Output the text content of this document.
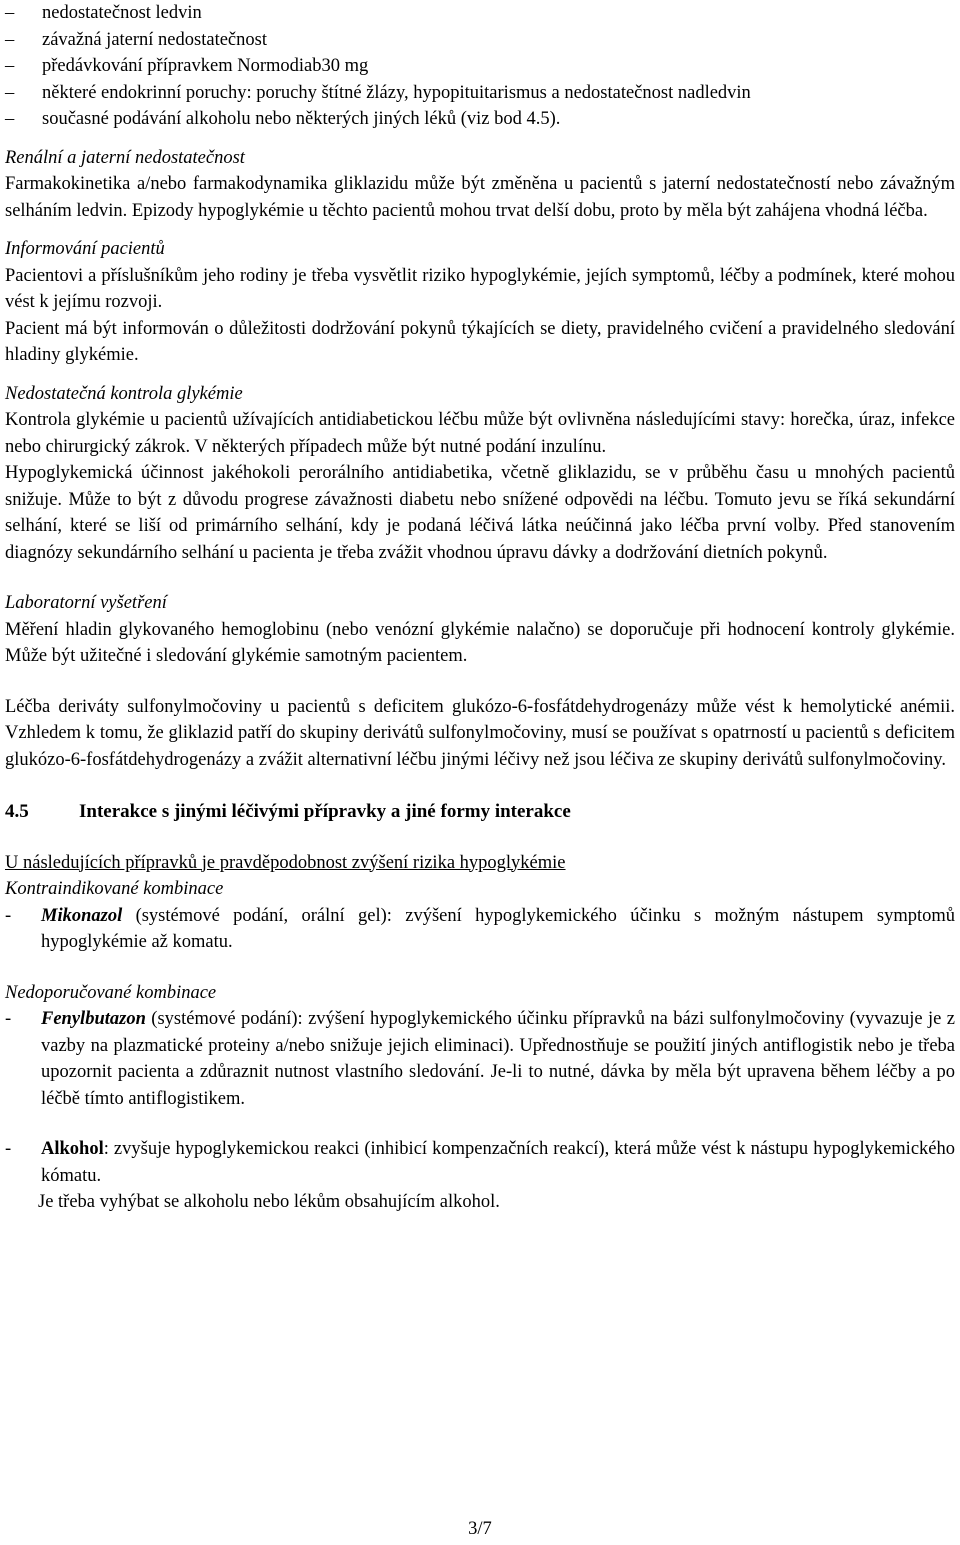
– nedostatečnost ledvin
– závažná jaterní nedostatečnost
– předávkování přípravkem Normodiab30 mg
– některé endokrinní poruchy: poruchy štítné žlázy, hypopituitarismus a nedostatečnost nadledvin
– současné podávání alkoholu nebo některých jiných léků (viz bod 4.5).

Renální a jaterní nedostatečnost

Farmakokinetika a/nebo farmakodynamika gliklazidu může být změněna u pacientů s jaterní nedostatečností nebo závažným selháním ledvin. Epizody hypoglykémie u těchto pacientů mohou trvat delší dobu, proto by měla být zahájena vhodná léčba.

Informování pacientů

Pacientovi a příslušníkům jeho rodiny je třeba vysvětlit riziko hypoglykémie, jejích symptomů, léčby a podmínek, které mohou vést k jejímu rozvoji.

Pacient má být informován o důležitosti dodržování pokynů týkajících se diety, pravidelného cvičení a pravidelného sledování hladiny glykémie.

Nedostatečná kontrola glykémie

Kontrola glykémie u pacientů užívajících antidiabetickou léčbu může být ovlivněna následujícími stavy: horečka, úraz, infekce nebo chirurgický zákrok. V některých případech může být nutné podání inzulínu.

Hypoglykemická účinnost jakéhokoli perorálního antidiabetika, včetně gliklazidu, se v průběhu času u mnohých pacientů snižuje. Může to být z důvodu progrese závažnosti diabetu nebo snížené odpovědi na léčbu. Tomuto jevu se říká sekundární selhání, které se liší od primárního selhání, kdy je podaná léčivá látka neúčinná jako léčba první volby. Před stanovením diagnózy sekundárního selhání u pacienta je třeba zvážit vhodnou úpravu dávky a dodržování dietních pokynů.

Laboratorní vyšetření

Měření hladin glykovaného hemoglobinu (nebo venózní glykémie nalačno) se doporučuje při hodnocení kontroly glykémie. Může být užitečné i sledování glykémie samotným pacientem.

Léčba deriváty sulfonylmočoviny u pacientů s deficitem glukózo-6-fosfátdehydrogenázy může vést k hemolytické anémii. Vzhledem k tomu, že gliklazid patří do skupiny derivátů sulfonylmočoviny, musí se používat s opatrností u pacientů s deficitem glukózo-6-fosfátdehydrogenázy a zvážit alternativní léčbu jinými léčivy než jsou léčiva ze skupiny derivátů sulfonylmočoviny.

4.5	Interakce s jinými léčivými přípravky a jiné formy interakce

U následujících přípravků je pravděpodobnost zvýšení rizika hypoglykémie

Kontraindikované kombinace

- Mikonazol (systémové podání, orální gel): zvýšení hypoglykemického účinku s možným nástupem symptomů hypoglykémie až komatu.

Nedoporučované kombinace

- Fenylbutazon (systémové podání): zvýšení hypoglykemického účinku přípravků na bázi sulfonylmočoviny (vyvazuje je z vazby na plazmatické proteiny a/nebo snižuje jejich eliminaci). Upřednostňuje se použití jiných antiflogistik nebo je třeba upozornit pacienta a zdůraznit nutnost vlastního sledování. Je-li to nutné, dávka by měla být upravena během léčby a po léčbě tímto antiflogistikem.
- Alkohol: zvyšuje hypoglykemickou reakci (inhibicí kompenzačních reakcí), která může vést k nástupu hypoglykemického kómatu.

Je třeba vyhýbat se alkoholu nebo lékům obsahujícím alkohol.

3/7
